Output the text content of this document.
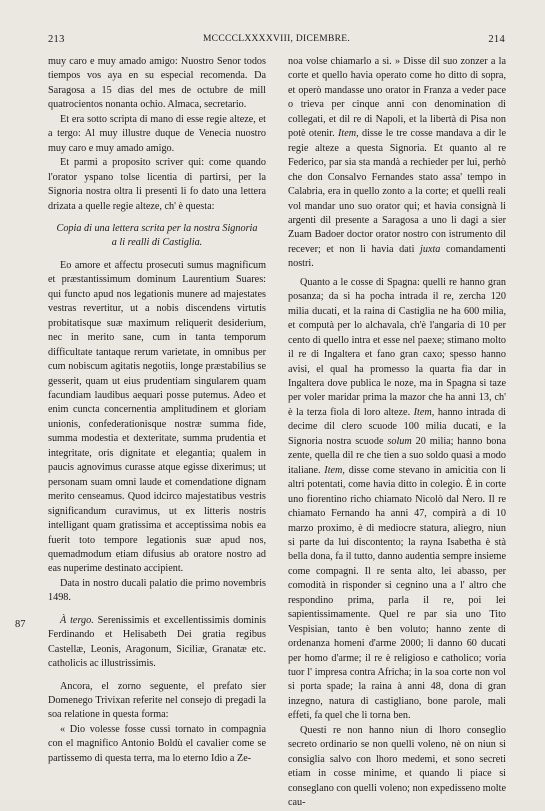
213	MCCCCLXXXXVIII, DICEMBRE.	214
87

muy caro e muy amado amigo: Nuostro Senor todos tiempos vos aya en su especial recomenda. Da Saragosa a 15 dias del mes de octubre de mill quatrocientos nonanta ochio. Almaca, secretario.

Et era sotto scripta di mano di esse regie alteze, et a tergo: Al muy illustre duque de Venecia nuostro muy caro e muy amado amigo.

Et parmi a proposito scriver qui: come quando l'orator yspano tolse licentia di partirsi, per la Signoria nostra oltra li presenti li fo dato una lettera drizata a quelle regie alteze, ch' è questa:

Copia di una lettera scrita per la nostra Signoria

a li realli di Castiglia.

Eo amore et affectu prosecuti sumus magnificum et præstantissimum dominum Laurentium Suares: qui functo apud nos legationis munere ad majestates vestras revertitur, ut a nobis discendens virtutis probitatisque suæ maximum reliquerit desiderium, nec in merito sane, cum in tanta temporum difficultate tantaque rerum varietate, in omnibus per cum nobiscum agitatis negotiis, longe præstabilius se gesserit, quam ut eius prudentiam singularem quam facundiam laudibus aequari posse putemus. Adeo et enim cuncta concernentia amplitudinem et gloriam unionis, confederationisque nostræ summa fide, summa modestia et dexteritate, summa prudentia et integritate, oris dignitate et elegantia; qualem in paucis agnovimus curasse atque egisse dixerimus; ut personam suam omni laude et comendatione dignam merito censeamus. Quod idcirco majestatibus vestris significandum curavimus, ut ex litteris nostris intelligant quam gratissima et acceptissima nobis ea fuerit toto tempore legationis suæ apud nos, quemadmodum etiam difusius ab oratore nostro ad eas nuperime destinato accipient.

Data in nostro ducali palatio die primo novembris 1498.

À tergo. Serenissimis et excellentissimis dominis Ferdinando et Helisabeth Dei gratia regibus Castellæ, Leonis, Aragonum, Siciliæ, Granatæ etc. catholicis ac illustrissimis.

Ancora, el zorno seguente, el prefato sier Domenego Trivixan referite nel consejo di pregadi la soa relatione in questa forma:

« Dio volesse fosse cussì tornato in compagnia con el magnifico Antonio Boldù el cavalier come se partissemo di questa terra, ma lo eterno Idio a Ze-

noa volse chiamarlo a sì. » Disse dil suo zonzer a la corte et quello havia operato come ho ditto di sopra, et operò mandasse uno orator in Franza a veder pace o trieva per cinque anni con denomination di collegati, et dil re di Napoli, et la libertà di Pisa non potè otenir. Item, disse le tre cosse mandava a dir le regie alteze a questa Signoria. Et quanto al re Federico, par sia sta mandà a rechieder per lui, perhò che don Consalvo Fernandes stato assa' tempo in Calabria, era in quello zonto a la corte; et quelli reali vol mandar uno suo orator qui; et havia consignà li argenti dil presente a Saragosa a uno li dagi a sier Zuam Badoer doctor orator nostro con istrumento dil recever; et non li havia dati juxta comandamenti nostri.

Quanto a le cosse di Spagna: quelli re hanno gran posanza; da si ha pocha intrada il re, zercha 120 milia ducati, et la raina di Castiglia ne ha 600 milia, et computà per lo alchavala, ch'è l'angaria di 10 per cento di quello intra et esse nel paexe; stimano molto il re di Ingaltera et fano gran caxo; spesso hanno avisi, el qual ha promesso la quarta fia dar in Ingaltera dove publica le noze, ma in Spagna si taze per voler maridar prima la mazor che ha anni 13, ch' è la terza fiola di loro alteze. Item, hanno intrada di decime dil clero scuode 100 milia ducati, e la Signoria nostra scuode solum 20 milia; hanno bona zente, quella dil re che tien a suo soldo quasi a modo italiane. Item, disse come stevano in amicitia con li altri potentati, come havia ditto in colegio. È in corte uno fiorentino richo chiamato Nicolò dal Nero. Il re chiamato Fernando ha anni 47, compirà a di 10 marzo proximo, è di mediocre statura, aliegro, niun si parte da lui discontento; la rayna Isabetha è stà bella dona, fa il tutto, danno audentia sempre insieme come compagni. Il re senta alto, lei abasso, per comodità in risponder si cegnino una a l' altro che respondino prima, parla il re, poi lei sapientissimamente. Quel re par sia uno Tito Vespisian, tanto è ben voluto; hanno zente di ordenanza homeni d'arme 2000; li danno 60 ducati per homo d'arme; il re è religioso e catholico; voria tuor l' impresa contra Africha; in la soa corte non vol si porta spade; la raina à anni 48, dona di gran inzegno, natura di castigliano, bone parole, mali effeti, fa quel che li torna ben.

Questi re non hanno niun di lhoro conseglio secreto ordinario se non quelli voleno, nè on niun si consiglia salvo con lhoro medemi, et sono secreti etiam in cosse minime, et quando li piace si conseglano con quelli voleno; non expedisseno molte cau-
